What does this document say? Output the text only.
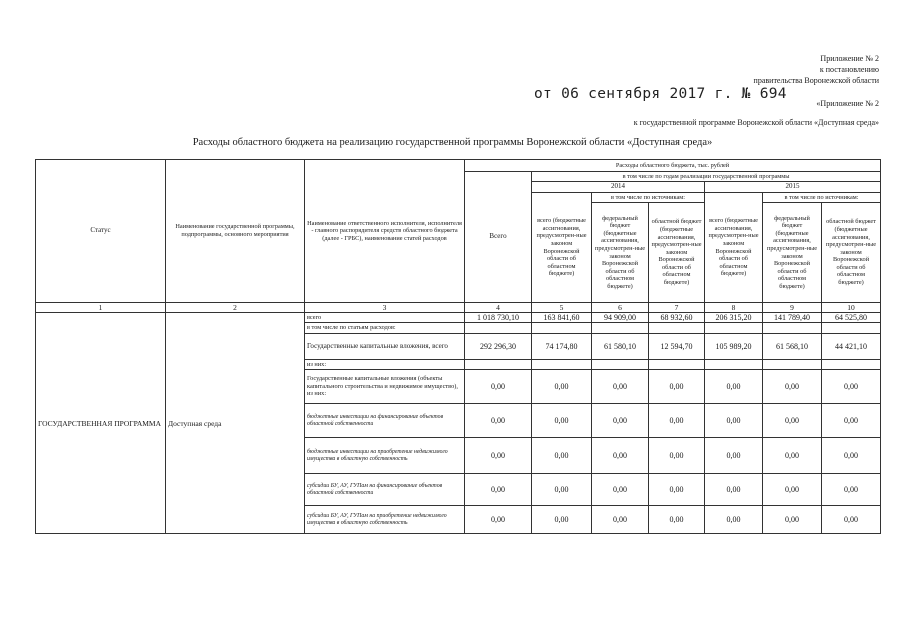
Приложение № 2
к постановлению
правительства Воронежской области
от 06 сентября 2017 г. № 694
«Приложение № 2
к государственной программе Воронежской области «Доступная среда»
Расходы областного бюджета на реализацию государственной программы Воронежской области «Доступная среда»
Статус	Наименование государственной программы, подпрограммы, основного мероприятия	Наименование ответственного исполнителя, исполнителя - главного распорядителя средств областного бюджета (далее - ГРБС), наименование статей расходов	Расходы областного бюджета, тыс. рублей						
			Всего	в том числе по годам реализации государственной программы					
				2014			2015		
				всего (бюджетные ассигнования, предусмотрен-ные законом Воронежской области об областном бюджете)	в том числе по источникам:		всего (бюджетные ассигнования, предусмотрен-ные законом Воронежской области об областном бюджете)	в том числе по источникам:	
					федеральный бюджет (бюджетные ассигнования, предусмотрен-ные законом Воронежской области об областном бюджете)	областной бюджет (бюджетные ассигнования, предусмотрен-ные законом Воронежской области об областном бюджете)		федеральный бюджет (бюджетные ассигнования, предусмотрен-ные законом Воронежской области об областном бюджете)	областной бюджет (бюджетные ассигнования, предусмотрен-ные законом Воронежской области об областном бюджете)
1	2	3	4	5	6	7	8	9	10
ГОСУДАРСТВЕННАЯ ПРОГРАММА	Доступная среда	всего	1 018 730,10	163 841,60	94 909,00	68 932,60	206 315,20	141 789,40	64 525,80
		в том числе по статьям расходов:							
		Государственные капитальные вложения, всего	292 296,30	74 174,80	61 580,10	12 594,70	105 989,20	61 568,10	44 421,10
		из них:							
		Государственные капитальные вложения (объекты капитального строительства и недвижимое имущество), из них:	0,00	0,00	0,00	0,00	0,00	0,00	0,00
		бюджетные инвестиции на финансирование объектов областной собственности	0,00	0,00	0,00	0,00	0,00	0,00	0,00
		бюджетные инвестиции на приобретение недвижимого имущества в областную собственность	0,00	0,00	0,00	0,00	0,00	0,00	0,00
		субсидии БУ, АУ, ГУПам на финансирование объектов областной собственности	0,00	0,00	0,00	0,00	0,00	0,00	0,00
		субсидии БУ, АУ, ГУПам на приобретение недвижимого имущества в областную собственность	0,00	0,00	0,00	0,00	0,00	0,00	0,00
